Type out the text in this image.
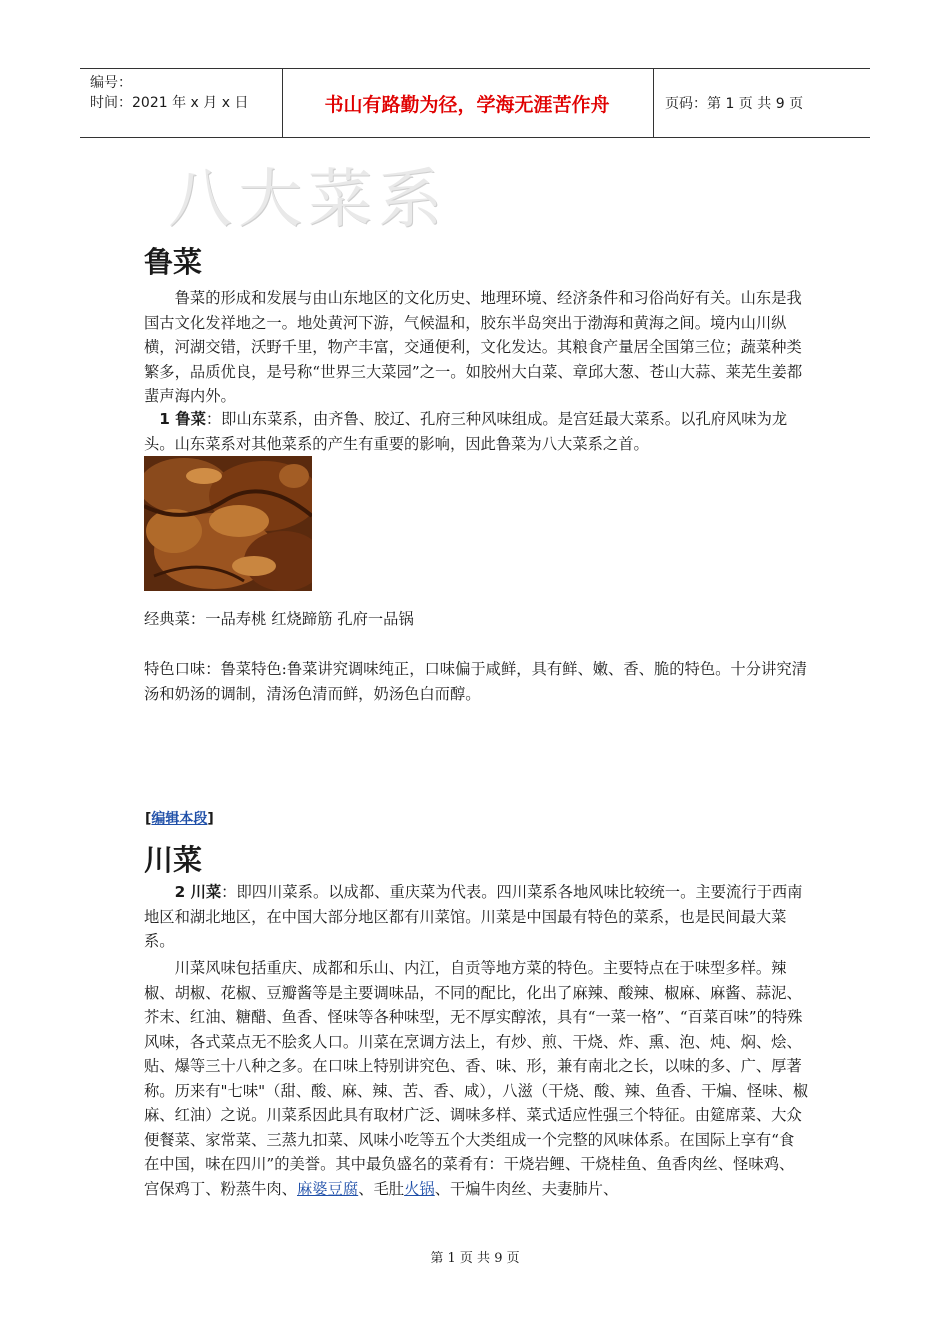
编号：
时间：2021 年 x 月 x 日	书山有路勤为径，学海无涯苦作舟	页码：第 1 页 共 9 页
八大菜系
鲁菜

鲁菜的形成和发展与由山东地区的文化历史、地理环境、经济条件和习俗尚好有关。山东是我国古文化发祥地之一。地处黄河下游，气候温和，胶东半岛突出于渤海和黄海之间。境内山川纵横，河湖交错，沃野千里，物产丰富，交通便利，文化发达。其粮食产量居全国第三位；蔬菜种类繁多，品质优良，是号称“世界三大菜园”之一。如胶州大白菜、章邱大葱、苍山大蒜、莱芜生姜都蜚声海内外。

1 鲁菜：即山东菜系，由齐鲁、胶辽、孔府三种风味组成。是宫廷最大菜系。以孔府风味为龙头。山东菜系对其他菜系的产生有重要的影响，因此鲁菜为八大菜系之首。

经典菜：一品寿桃 红烧蹄筋 孔府一品锅

特色口味：鲁菜特色:鲁菜讲究调味纯正，口味偏于咸鲜，具有鲜、嫩、香、脆的特色。十分讲究清汤和奶汤的调制，清汤色清而鲜，奶汤色白而醇。

[编辑本段]
川菜

2 川菜：即四川菜系。以成都、重庆菜为代表。四川菜系各地风味比较统一。主要流行于西南地区和湖北地区，在中国大部分地区都有川菜馆。川菜是中国最有特色的菜系，也是民间最大菜系。

川菜风味包括重庆、成都和乐山、内江，自贡等地方菜的特色。主要特点在于味型多样。辣椒、胡椒、花椒、豆瓣酱等是主要调味品，不同的配比，化出了麻辣、酸辣、椒麻、麻酱、蒜泥、芥末、红油、糖醋、鱼香、怪味等各种味型，无不厚实醇浓，具有“一菜一格”、“百菜百味”的特殊风味，各式菜点无不脍炙人口。川菜在烹调方法上，有炒、煎、干烧、炸、熏、泡、炖、焖、烩、贴、爆等三十八种之多。在口味上特别讲究色、香、味、形，兼有南北之长，以味的多、广、厚著称。历来有"七味"（甜、酸、麻、辣、苦、香、咸），八滋（干烧、酸、辣、鱼香、干煸、怪味、椒麻、红油）之说。川菜系因此具有取材广泛、调味多样、菜式适应性强三个特征。由筵席菜、大众便餐菜、家常菜、三蒸九扣菜、风味小吃等五个大类组成一个完整的风味体系。在国际上享有“食在中国，味在四川”的美誉。其中最负盛名的菜肴有：干烧岩鲤、干烧桂鱼、鱼香肉丝、怪味鸡、宫保鸡丁、粉蒸牛肉、麻婆豆腐、毛肚火锅、干煸牛肉丝、夫妻肺片、

第 1 页 共 9 页
